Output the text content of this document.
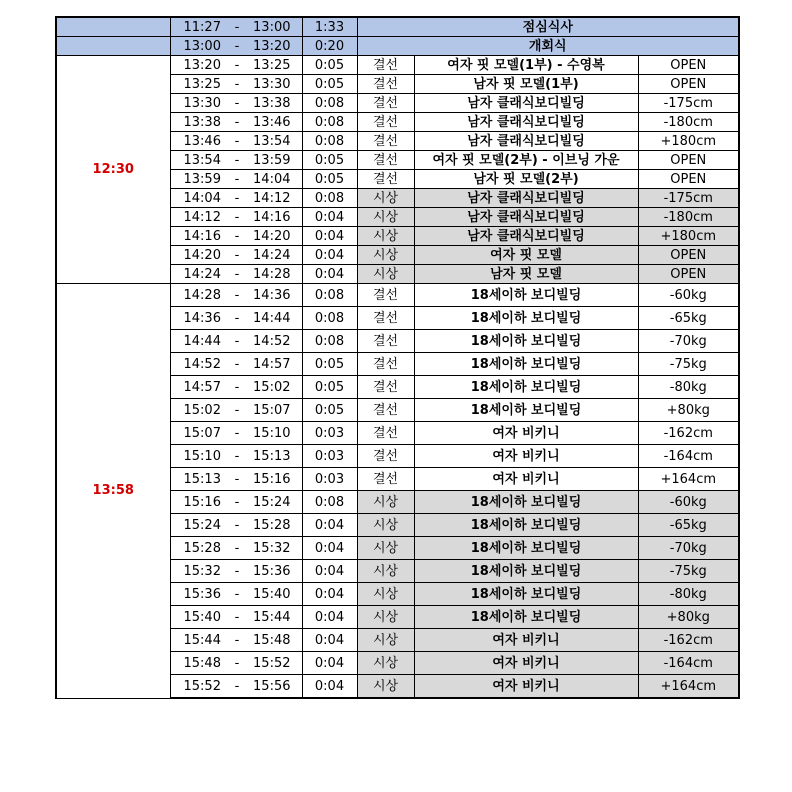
	11:27 - 13:00	1:33	점심식사		

	13:00 - 13:20	0:20	개회식		
12:30	13:20 - 13:25	0:05	결선	여자 핏 모델(1부) - 수영복	OPEN

	13:25 - 13:30	0:05	결선	남자 핏 모델(1부)	OPEN

	13:30 - 13:38	0:08	결선	남자 클래식보디빌딩	-175cm

	13:38 - 13:46	0:08	결선	남자 클래식보디빌딩	-180cm

	13:46 - 13:54	0:08	결선	남자 클래식보디빌딩	+180cm

	13:54 - 13:59	0:05	결선	여자 핏 모델(2부) - 이브닝 가운	OPEN

	13:59 - 14:04	0:05	결선	남자 핏 모델(2부)	OPEN

	14:04 - 14:12	0:08	시상	남자 클래식보디빌딩	-175cm

	14:12 - 14:16	0:04	시상	남자 클래식보디빌딩	-180cm

	14:16 - 14:20	0:04	시상	남자 클래식보디빌딩	+180cm

	14:20 - 14:24	0:04	시상	여자 핏 모델	OPEN

	14:24 - 14:28	0:04	시상	남자 핏 모델	OPEN
13:58	14:28 - 14:36	0:08	결선	18세이하 보디빌딩	-60kg

	14:36 - 14:44	0:08	결선	18세이하 보디빌딩	-65kg

	14:44 - 14:52	0:08	결선	18세이하 보디빌딩	-70kg

	14:52 - 14:57	0:05	결선	18세이하 보디빌딩	-75kg

	14:57 - 15:02	0:05	결선	18세이하 보디빌딩	-80kg

	15:02 - 15:07	0:05	결선	18세이하 보디빌딩	+80kg

	15:07 - 15:10	0:03	결선	여자 비키니	-162cm

	15:10 - 15:13	0:03	결선	여자 비키니	-164cm

	15:13 - 15:16	0:03	결선	여자 비키니	+164cm

	15:16 - 15:24	0:08	시상	18세이하 보디빌딩	-60kg

	15:24 - 15:28	0:04	시상	18세이하 보디빌딩	-65kg

	15:28 - 15:32	0:04	시상	18세이하 보디빌딩	-70kg

	15:32 - 15:36	0:04	시상	18세이하 보디빌딩	-75kg

	15:36 - 15:40	0:04	시상	18세이하 보디빌딩	-80kg

	15:40 - 15:44	0:04	시상	18세이하 보디빌딩	+80kg

	15:44 - 15:48	0:04	시상	여자 비키니	-162cm

	15:48 - 15:52	0:04	시상	여자 비키니	-164cm

	15:52 - 15:56	0:04	시상	여자 비키니	+164cm
